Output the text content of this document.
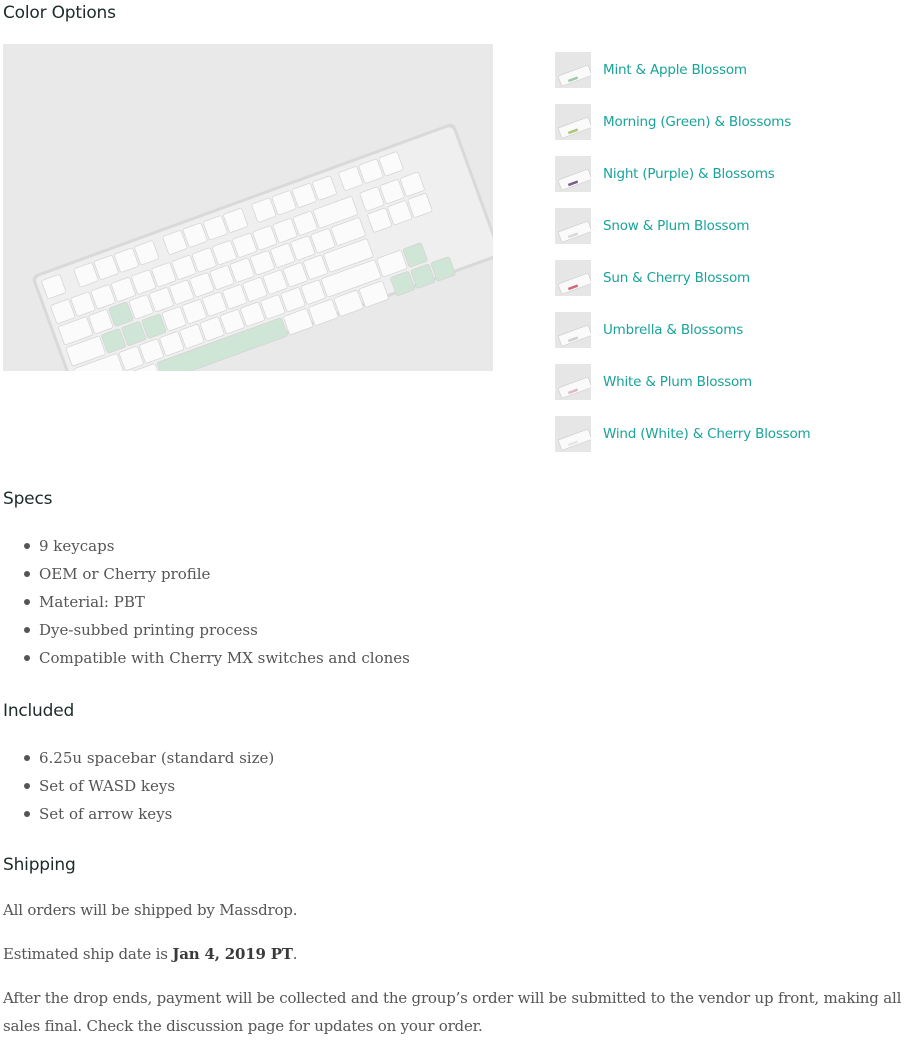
Color Options
Mint & Apple Blossom
Morning (Green) & Blossoms
Night (Purple) & Blossoms
Snow & Plum Blossom
Sun & Cherry Blossom
Umbrella & Blossoms
White & Plum Blossom
Wind (White) & Cherry Blossom
Specs
9 keycaps
OEM or Cherry profile
Material: PBT
Dye-subbed printing process
Compatible with Cherry MX switches and clones
Included
6.25u spacebar (standard size)
Set of WASD keys
Set of arrow keys
Shipping

All orders will be shipped by Massdrop.

Estimated ship date is Jan 4, 2019 PT.

After the drop ends, payment will be collected and the group’s order will be submitted to the vendor up front, making all sales final. Check the discussion page for updates on your order.
